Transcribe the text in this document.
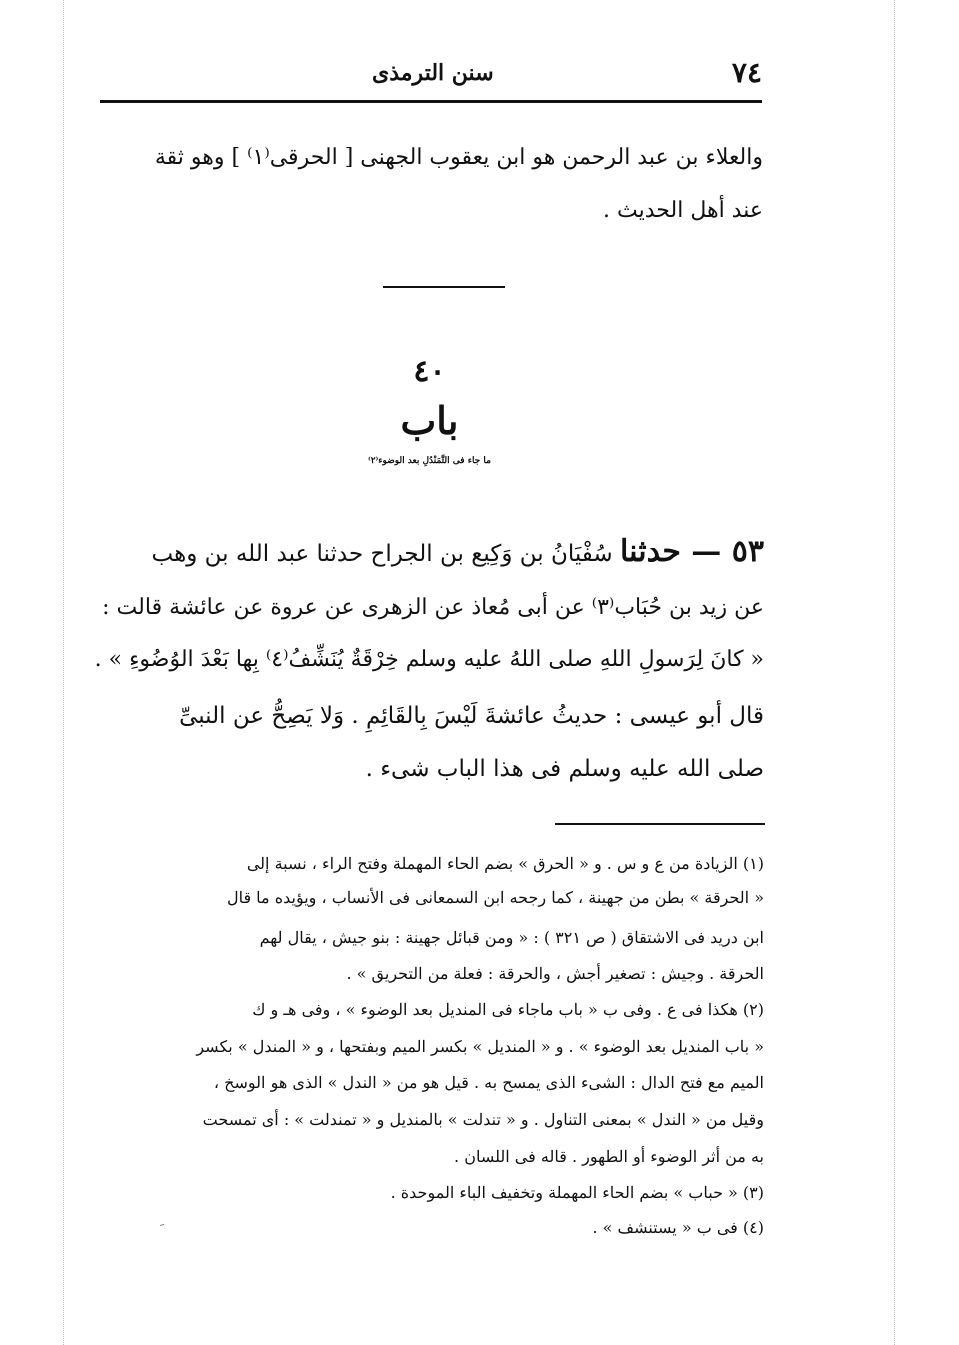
٧٤
سنن الترمذى
والعلاء بن عبد الرحمن هو ابن يعقوب الجهنى [ الحرقى⁽١⁾ ] وهو ثقة
عند أهل الحديث .
٤٠
باب
ما جاء فى التَّمَنْدُلِ بعد الوضوء⁽٢⁾
٥٣ — حدثنا سُفْيَانُ بن وَكِيع بن الجراح حدثنا عبد الله بن وهب
عن زيد بن حُبَاب⁽٣⁾ عن أبى مُعاذ عن الزهرى عن عروة عن عائشة قالت :
« كانَ لِرَسولِ اللهِ صلى اللهُ عليه وسلم خِرْقَةٌ يُنَشِّفُ⁽٤⁾ بِها بَعْدَ الوُضُوءِ » .
قال أبو عيسى : حديثُ عائشةَ لَيْسَ بِالقَائِمِ . وَلا يَصِحُّ عن النبىِّ
صلى الله عليه وسلم فى هذا الباب شىء .
(١) الزيادة من ع و س . و « الحرق » بضم الحاء المهملة وفتح الراء ، نسبة إلى
« الحرقة » بطن من جهينة ، كما رجحه ابن السمعانى فى الأنساب ، ويؤيده ما قال
ابن دريد فى الاشتقاق ( ص ٣٢١ ) : « ومن قبائل جهينة : بنو جيش ، يقال لهم
الحرقة . وجيش : تصغير أجش ، والحرقة : فعلة من التحريق » .
(٢) هكذا فى ع . وفى ب « باب ماجاء فى المنديل بعد الوضوء » ، وفى هـ و ك
« باب المنديل بعد الوضوء » . و « المنديل » بكسر الميم وبفتحها ، و « المندل » بكسر
الميم مع فتح الدال : الشىء الذى يمسح به . قيل هو من « الندل » الذى هو الوسخ ،
وقيل من « الندل » بمعنى التناول . و « تندلت » بالمنديل و « تمندلت » : أى تمسحت
به من أثر الوضوء أو الطهور . قاله فى اللسان .
(٣) « حباب » بضم الحاء المهملة وتخفيف الباء الموحدة .
(٤) فى ب « يستنشف » .
ﹶ
